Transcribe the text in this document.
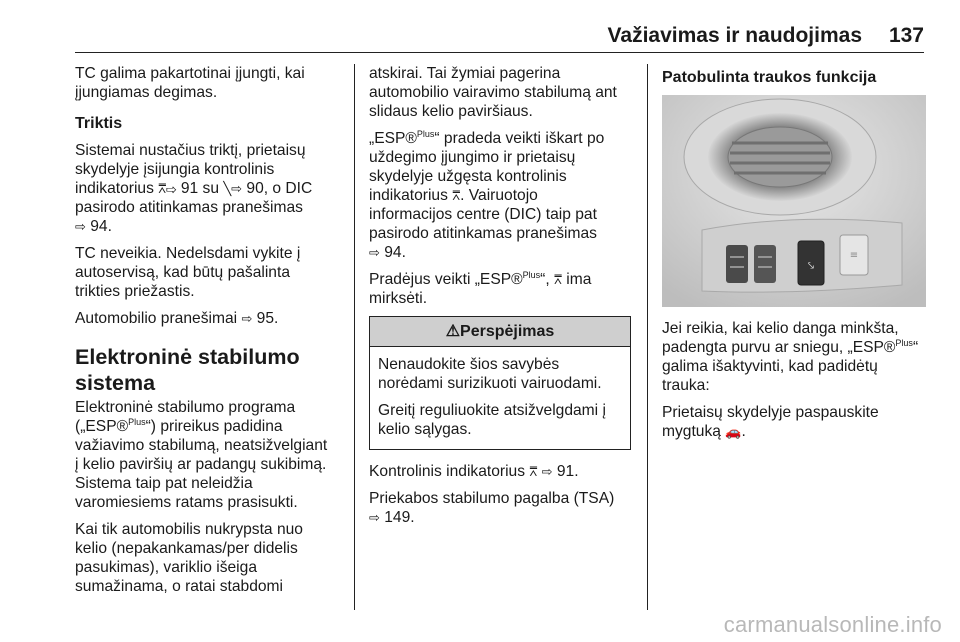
Važiavimas ir naudojimas 137

TC galima pakartotinai įjungti, kai
įjungiamas degimas.

Triktis

Sistemai nustačius triktį, prietaisų
skydelyje įsijungia kontrolinis
indikatorius ⩞⇨ 91 su ╲⇨ 90, o DIC
pasirodo atitinkamas pranešimas
⇨ 94.

TC neveikia. Nedelsdami vykite į
autoservisą, kad būtų pašalinta
trikties priežastis.

Automobilio pranešimai ⇨ 95.

Elektroninė stabilumo
sistema

Elektroninė stabilumo programa
(„ESP®$^{Plus}$“) prireikus padidina
važiavimo stabilumą, neatsižvelgiant
į kelio paviršių ar padangų sukibimą.
Sistema taip pat neleidžia
varomiesiems ratams prasisukti.

Kai tik automobilis nukrypsta nuo
kelio (nepakankamas/per didelis
pasukimas), variklio išeiga
sumažinama, o ratai stabdomi

atskirai. Tai žymiai pagerina
automobilio vairavimo stabilumą ant
slidaus kelio paviršiaus.

„ESP®$^{Plus}$“ pradeda veikti iškart po
uždegimo įjungimo ir prietaisų
skydelyje užgęsta kontrolinis
indikatorius ⩞. Vairuotojo
informacijos centre (DIC) taip pat
pasirodo atitinkamas pranešimas
⇨ 94.

Pradėjus veikti „ESP®$^{Plus}$“, ⩞ ima
mirksėti.

⚠Perspėjimas

Nenaudokite šios savybės
norėdami surizikuoti vairuodami.

Greitį reguliuokite atsižvelgdami į
kelio sąlygas.

Kontrolinis indikatorius ⩞ ⇨ 91.

Priekabos stabilumo pagalba (TSA)
⇨ 149.

Patobulinta traukos funkcija
⤥
≡

Jei reikia, kai kelio danga minkšta,
padengta purvu ar sniegu, „ESP®$^{Plus}$“
galima išaktyvinti, kad padidėtų
trauka:

Prietaisų skydelyje paspauskite
mygtuką 🚗.

carmanualsonline.info
